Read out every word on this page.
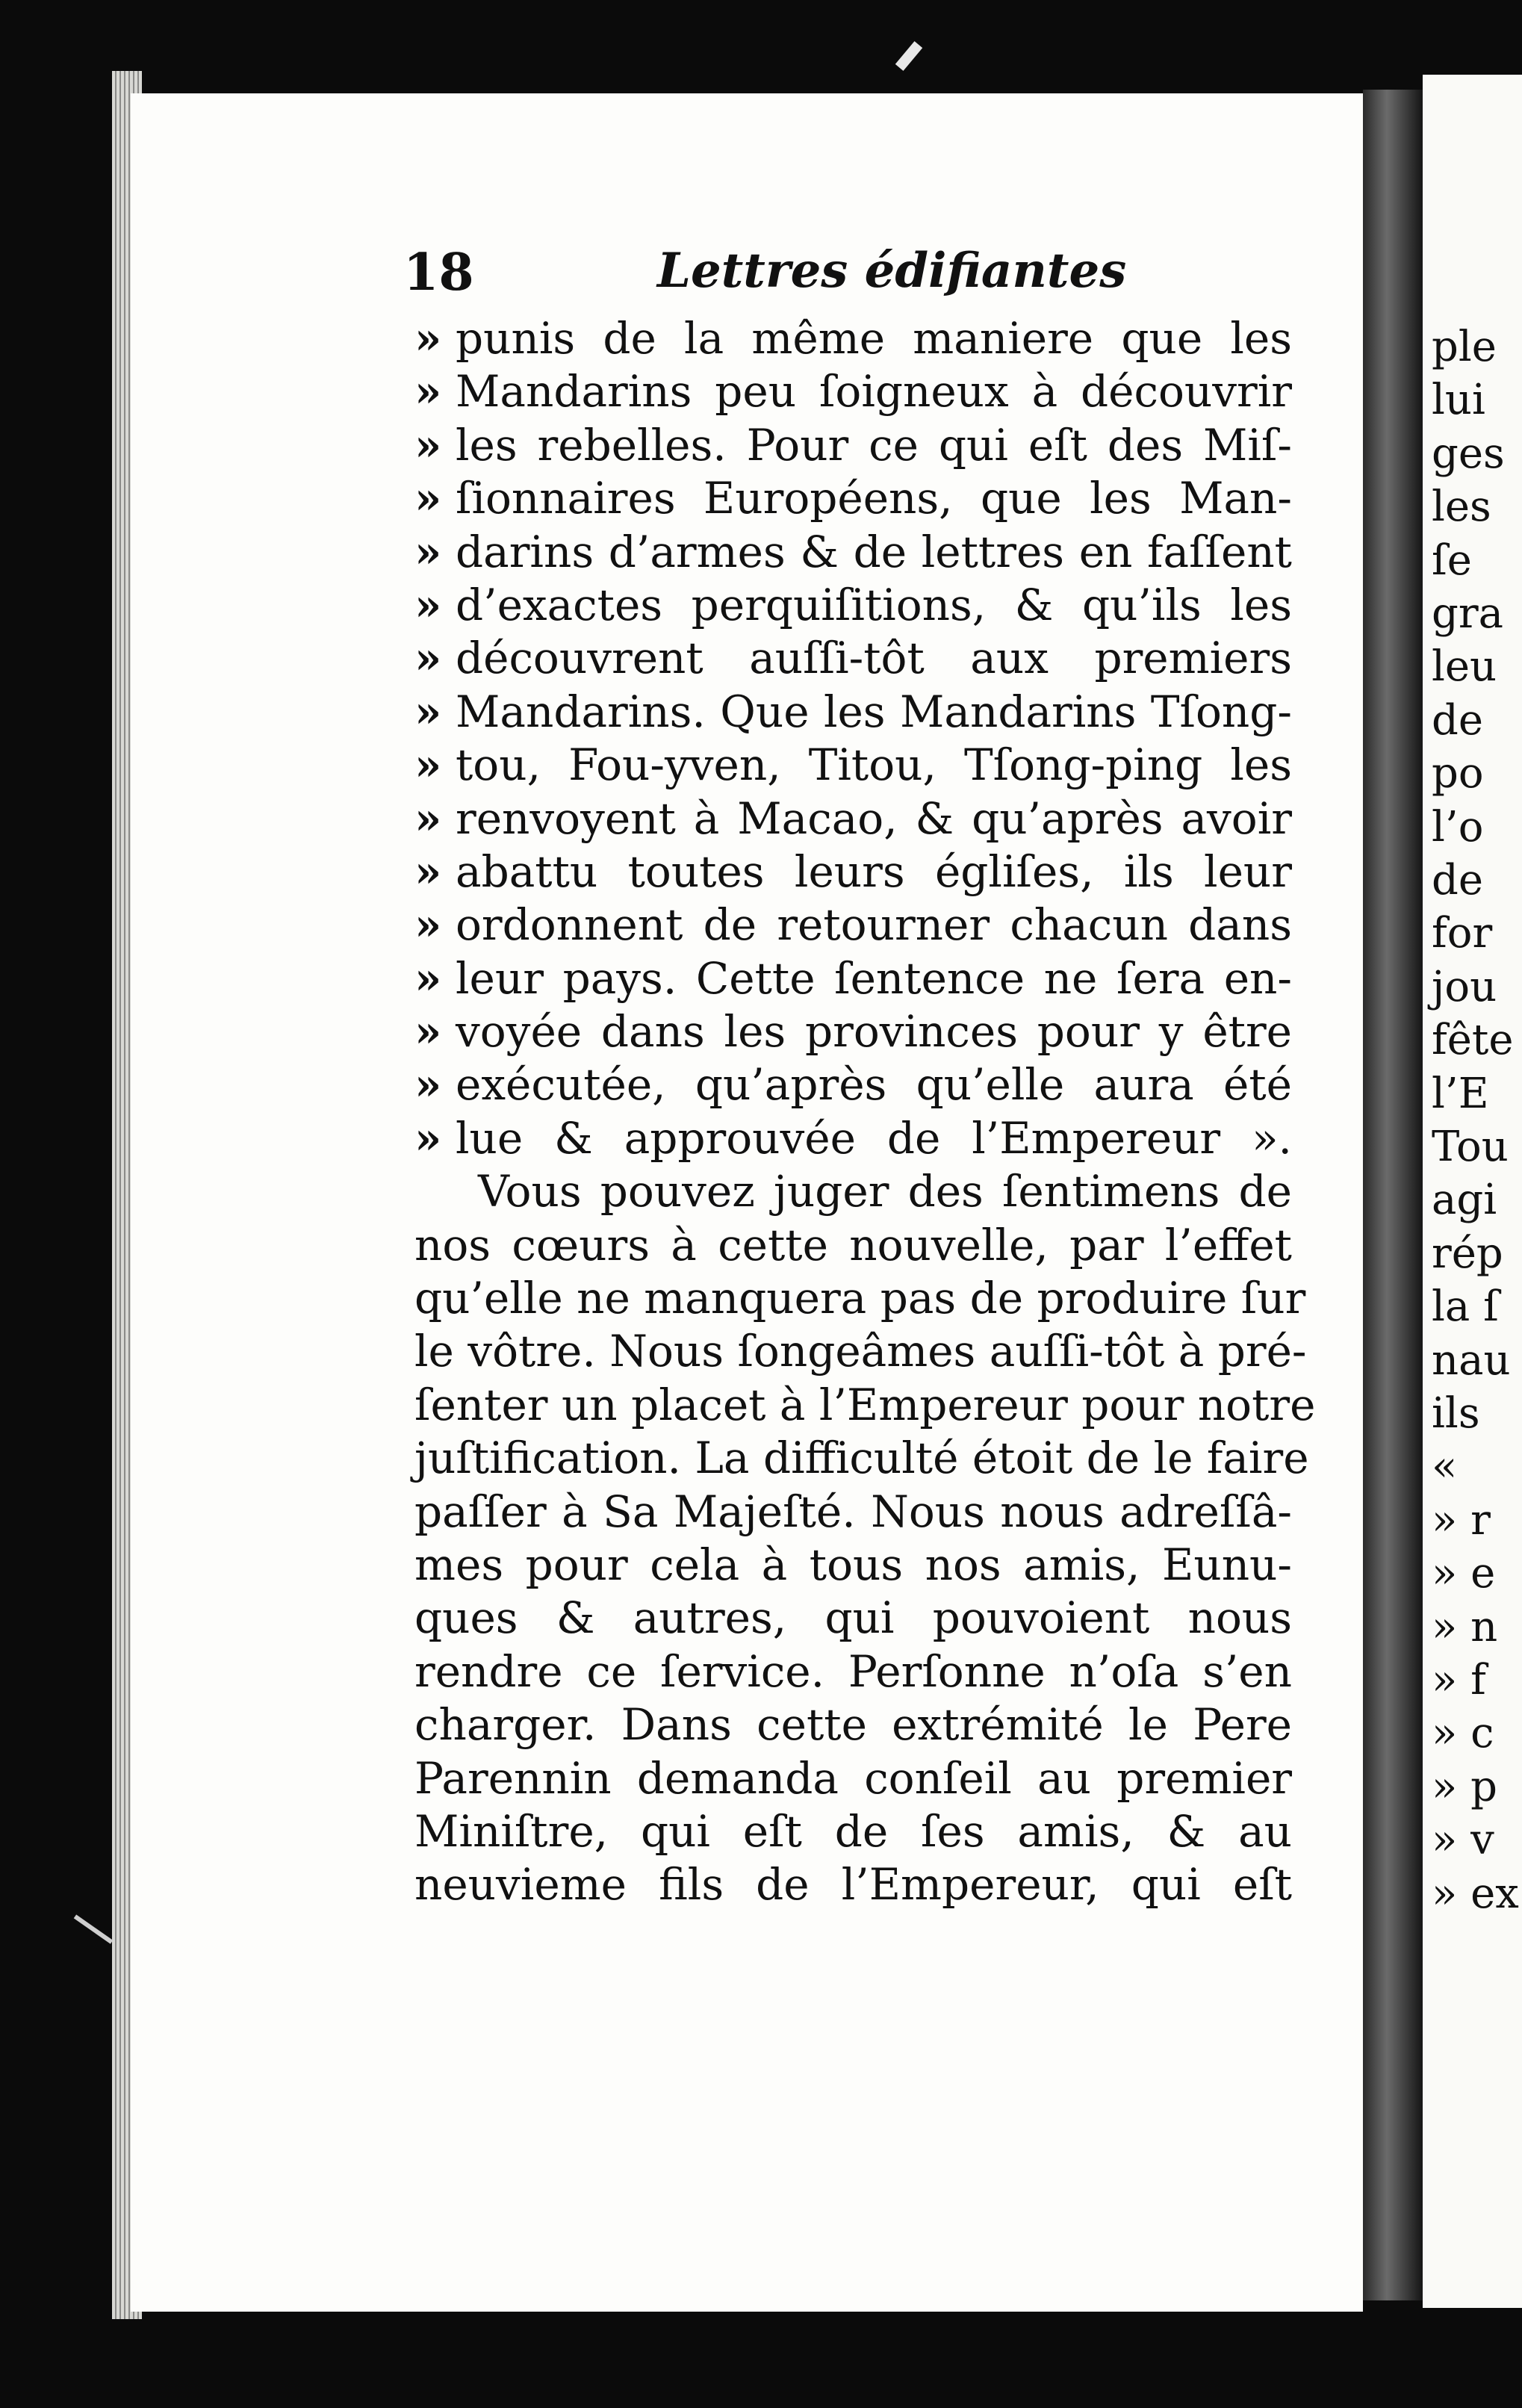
ple
lui
ges
les
ſe
gra
leu
de
po
l’o
de
for
jou
fête
l’E
Tou
agi
rép
la ſ
nau
ils
«
» r
» e
» n
» f
» c
» p
» v
» ex
18	Lettres édifiantes
» punis de la même maniere que les
» Mandarins peu ſoigneux à découvrir
» les rebelles. Pour ce qui eſt des Miſ-
» ſionnaires Européens, que les Man-
» darins d’armes & de lettres en faſſent
» d’exactes perquiſitions, & qu’ils les
» découvrent auſſi-tôt aux premiers
» Mandarins. Que les Mandarins Tſong-
» tou, Fou-yven, Titou, Tſong-ping les
» renvoyent à Macao, & qu’après avoir
» abattu toutes leurs égliſes, ils leur
» ordonnent de retourner chacun dans
» leur pays. Cette ſentence ne ſera en-
» voyée dans les provinces pour y être
» exécutée, qu’après qu’elle aura été
» lue & approuvée de l’Empereur ».
Vous pouvez juger des ſentimens de
nos cœurs à cette nouvelle, par l’effet
qu’elle ne manquera pas de produire ſur
le vôtre. Nous ſongeâmes auſſi-tôt à pré-
ſenter un placet à l’Empereur pour notre
juſtification. La difficulté étoit de le faire
paſſer à Sa Majeſté. Nous nous adreſſâ-
mes pour cela à tous nos amis, Eunu-
ques & autres, qui pouvoient nous
rendre ce ſervice. Perſonne n’oſa s’en
charger. Dans cette extrémité le Pere
Parennin demanda conſeil au premier
Miniſtre, qui eſt de ſes amis, & au
neuvieme fils de l’Empereur, qui eſt
